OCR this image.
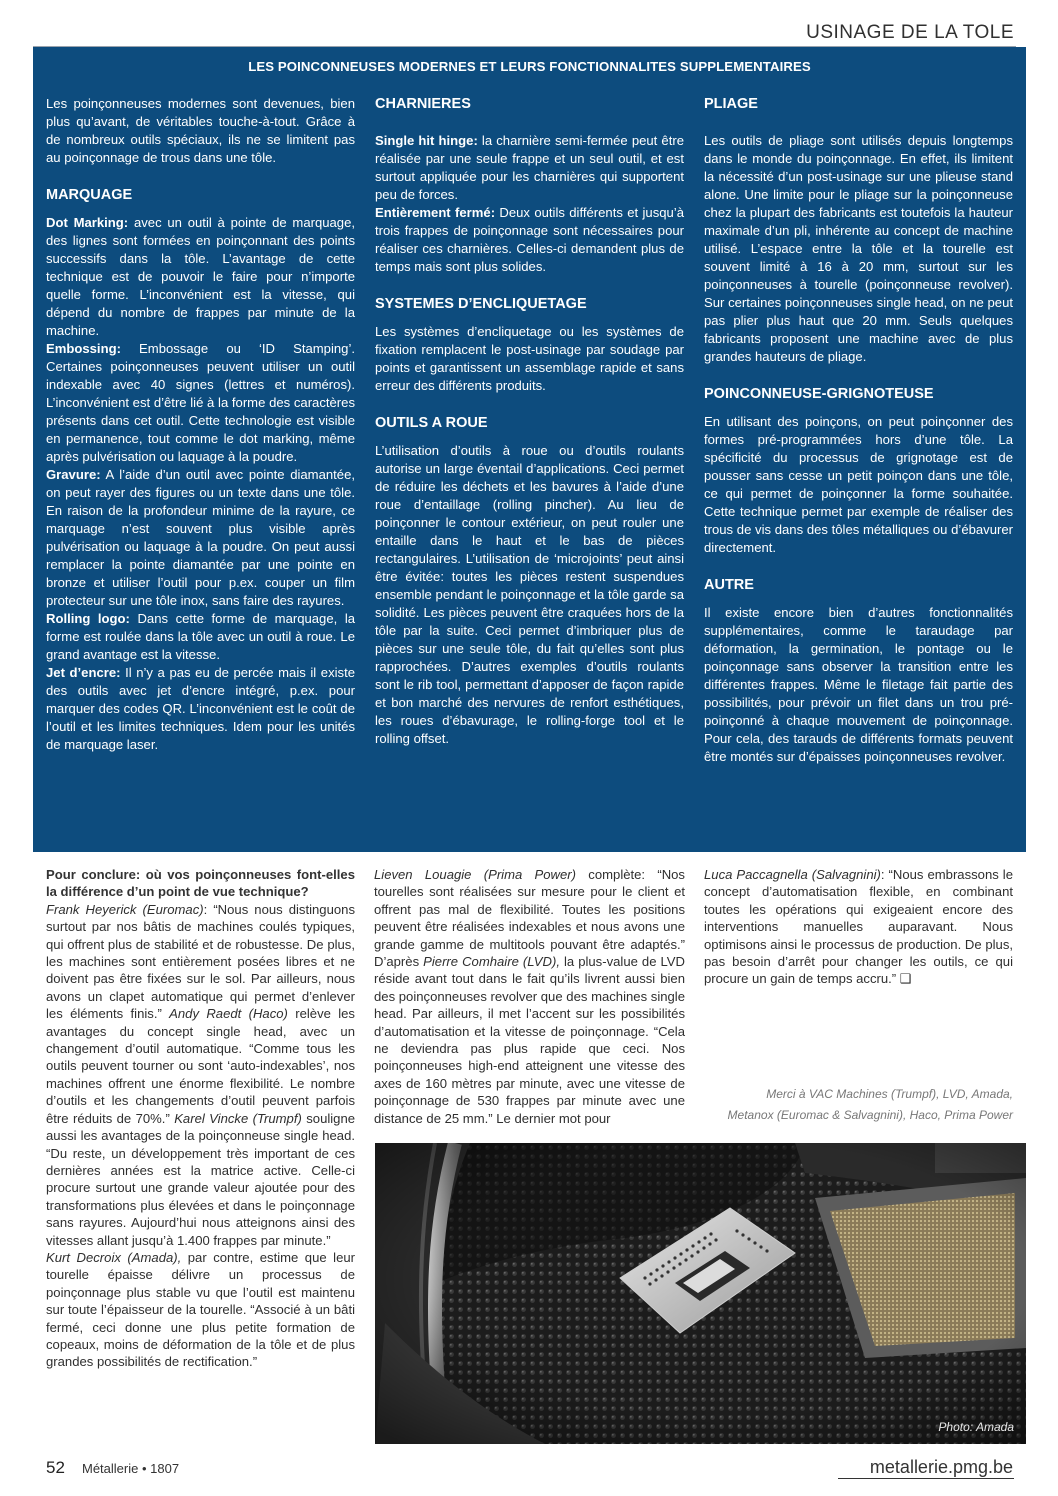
USINAGE DE LA TOLE
LES POINCONNEUSES MODERNES ET LEURS FONCTIONNALITES SUPPLEMENTAIRES

Les poinçonneuses modernes sont devenues, bien plus qu’avant, de véritables touche-à-tout. Grâce à de nombreux outils spéciaux, ils ne se limitent pas au poinçonnage de trous dans une tôle.

MARQUAGE

Dot Marking: avec un outil à pointe de marquage, des lignes sont formées en poinçonnant des points successifs dans la tôle. L’avantage de cette technique est de pouvoir le faire pour n’importe quelle forme. L’inconvénient est la vitesse, qui dépend du nombre de frappes par minute de la machine.

Embossing: Embossage ou ‘ID Stamping’. Certaines poinçonneuses peuvent utiliser un outil indexable avec 40 signes (lettres et numéros). L’inconvénient est d’être lié à la forme des caractères présents dans cet outil. Cette technologie est visible en permanence, tout comme le dot marking, même après pulvérisation ou laquage à la poudre.

Gravure: A l’aide d’un outil avec pointe diamantée, on peut rayer des figures ou un texte dans une tôle. En raison de la profondeur minime de la rayure, ce marquage n’est souvent plus visible après pulvérisation ou laquage à la poudre. On peut aussi remplacer la pointe diamantée par une pointe en bronze et utiliser l’outil pour p.ex. couper un film protecteur sur une tôle inox, sans faire des rayures.

Rolling logo: Dans cette forme de marquage, la forme est roulée dans la tôle avec un outil à roue. Le grand avantage est la vitesse.

Jet d’encre: Il n’y a pas eu de percée mais il existe des outils avec jet d’encre intégré, p.ex. pour marquer des codes QR. L’inconvénient est le coût de l’outil et les limites techniques. Idem pour les unités de marquage laser.

CHARNIERES

Single hit hinge: la charnière semi-fermée peut être réalisée par une seule frappe et un seul outil, et est surtout appliquée pour les charnières qui supportent peu de forces.

Entièrement fermé: Deux outils différents et jusqu’à trois frappes de poinçonnage sont nécessaires pour réaliser ces charnières. Celles-ci demandent plus de temps mais sont plus solides.

SYSTEMES D’ENCLIQUETAGE

Les systèmes d’encliquetage ou les systèmes de fixation remplacent le post-usinage par soudage par points et garantissent un assemblage rapide et sans erreur des différents produits.

OUTILS A ROUE

L’utilisation d’outils à roue ou d’outils roulants autorise un large éventail d’applications. Ceci permet de réduire les déchets et les bavures à l’aide d’une roue d’entaillage (rolling pincher). Au lieu de poinçonner le contour extérieur, on peut rouler une entaille dans le haut et le bas de pièces rectangulaires. L’utilisation de ‘microjoints’ peut ainsi être évitée: toutes les pièces restent suspendues ensemble pendant le poinçonnage et la tôle garde sa solidité. Les pièces peuvent être craquées hors de la tôle par la suite. Ceci permet d’imbriquer plus de pièces sur une seule tôle, du fait qu’elles sont plus rapprochées. D’autres exemples d’outils roulants sont le rib tool, permettant d’apposer de façon rapide et bon marché des nervures de renfort esthétiques, les roues d’ébavurage, le rolling-forge tool et le rolling offset.

PLIAGE

Les outils de pliage sont utilisés depuis longtemps dans le monde du poinçonnage. En effet, ils limitent la nécessité d’un post-usinage sur une plieuse stand alone. Une limite pour le pliage sur la poinçonneuse chez la plupart des fabricants est toutefois la hauteur maximale d’un pli, inhérente au concept de machine utilisé. L’espace entre la tôle et la tourelle est souvent limité à 16 à 20 mm, surtout sur les poinçonneuses à tourelle (poinçonneuse revolver). Sur certaines poinçonneuses single head, on ne peut pas plier plus haut que 20 mm. Seuls quelques fabricants proposent une machine avec de plus grandes hauteurs de pliage.

POINCONNEUSE-GRIGNOTEUSE

En utilisant des poinçons, on peut poinçonner des formes pré-programmées hors d’une tôle. La spécificité du processus de grignotage est de pousser sans cesse un petit poinçon dans une tôle, ce qui permet de poinçonner la forme souhaitée. Cette technique permet par exemple de réaliser des trous de vis dans des tôles métalliques ou d’ébavurer directement.

AUTRE

Il existe encore bien d’autres fonctionnalités supplémentaires, comme le taraudage par déformation, la germination, le pontage ou le poinçonnage sans observer la transition entre les différentes frappes. Même le filetage fait partie des possibilités, pour prévoir un filet dans un trou pré-poinçonné à chaque mouvement de poinçonnage. Pour cela, des tarauds de différents formats peuvent être montés sur d’épaisses poinçonneuses revolver.

Pour conclure: où vos poinçonneuses font-elles la différence d’un point de vue technique?

Frank Heyerick (Euromac): “Nous nous distinguons surtout par nos bâtis de machines coulés typiques, qui offrent plus de stabilité et de robustesse. De plus, les machines sont entièrement posées libres et ne doivent pas être fixées sur le sol. Par ailleurs, nous avons un clapet automatique qui permet d’enlever les éléments finis.” Andy Raedt (Haco) relève les avantages du concept single head, avec un changement d’outil automatique. “Comme tous les outils peuvent tourner ou sont ‘auto-indexables’, nos machines offrent une énorme flexibilité. Le nombre d’outils et les changements d’outil peuvent parfois être réduits de 70%.” Karel Vincke (Trumpf) souligne aussi les avantages de la poinçonneuse single head. “Du reste, un développement très important de ces dernières années est la matrice active. Celle-ci procure surtout une grande valeur ajoutée pour des transformations plus élevées et dans le poinçonnage sans rayures. Aujourd’hui nous atteignons ainsi des vitesses allant jusqu’à 1.400 frappes par minute.”

Kurt Decroix (Amada), par contre, estime que leur tourelle épaisse délivre un processus de poinçonnage plus stable vu que l’outil est maintenu sur toute l’épaisseur de la tourelle. “Associé à un bâti fermé, ceci donne une plus petite formation de copeaux, moins de déformation de la tôle et de plus grandes possibilités de rectification.”

Lieven Louagie (Prima Power) complète: “Nos tourelles sont réalisées sur mesure pour le client et offrent pas mal de flexibilité. Toutes les positions peuvent être réalisées indexables et nous avons une grande gamme de multitools pouvant être adaptés.” D’après Pierre Comhaire (LVD), la plus-value de LVD réside avant tout dans le fait qu’ils livrent aussi bien des poinçonneuses revolver que des machines single head. Par ailleurs, il met l’accent sur les possibilités d’automatisation et la vitesse de poinçonnage. “Cela ne deviendra pas plus rapide que ceci. Nos poinçonneuses high-end atteignent une vitesse des axes de 160 mètres par minute, avec une vitesse de poinçonnage de 530 frappes par minute avec une distance de 25 mm.” Le dernier mot pour

Luca Paccagnella (Salvagnini): “Nous embrassons le concept d’automatisation flexible, en combinant toutes les opérations qui exigeaient encore des interventions manuelles auparavant. Nous optimisons ainsi le processus de production. De plus, pas besoin d’arrêt pour changer les outils, ce qui procure un gain de temps accru.” ❑

Merci à VAC Machines (Trumpf), LVD, Amada,
Metanox (Euromac & Salvagnini), Haco, Prima Power
Photo: Amada
52 Métallerie • 1807	metallerie.pmg.be
